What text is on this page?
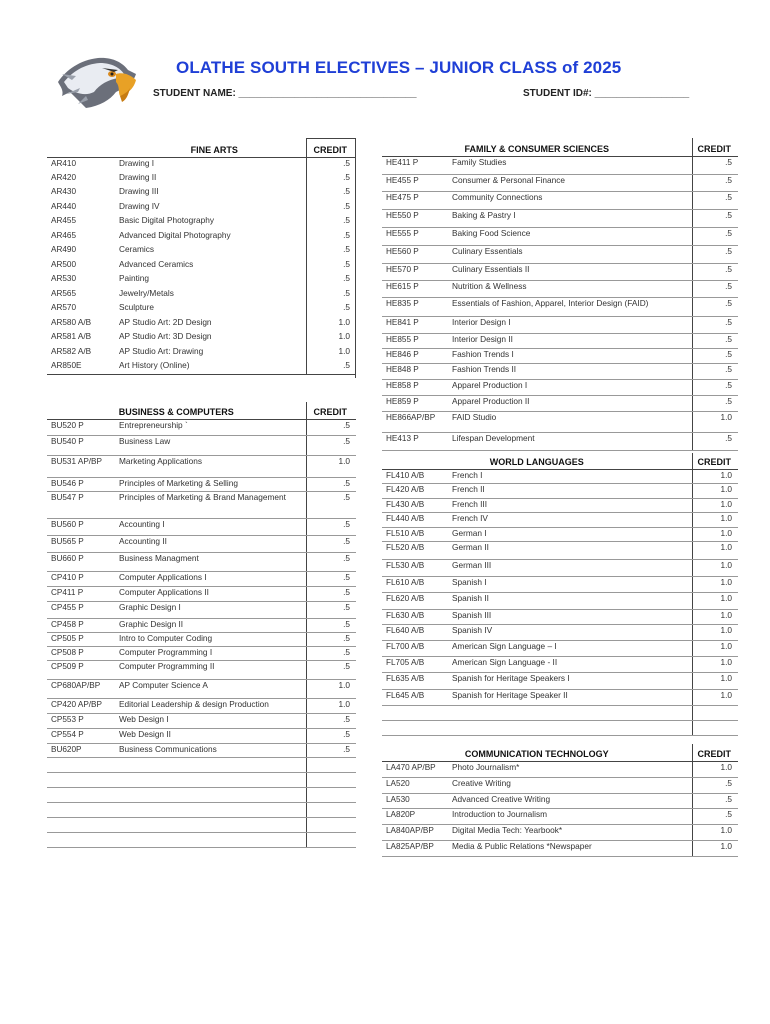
OLATHE SOUTH ELECTIVES – JUNIOR CLASS of 2025
STUDENT NAME: ________________________________	STUDENT ID#: _________________
FINE ARTS		CREDIT
AR410	Drawing I	.5
AR420	Drawing II	.5
AR430	Drawing III	.5
AR440	Drawing IV	.5
AR455	Basic Digital Photography	.5
AR465	Advanced Digital Photography	.5
AR490	Ceramics	.5
AR500	Advanced Ceramics	.5
AR530	Painting	.5
AR565	Jewelry/Metals	.5
AR570	Sculpture	.5
AR580 A/B	AP Studio Art: 2D Design	1.0
AR581 A/B	AP Studio Art: 3D Design	1.0
AR582 A/B	AP Studio Art: Drawing	1.0
AR850E	Art History (Online)	.5
BUSINESS & COMPUTERS		CREDIT
BU520 P	Entrepreneurship `	.5
BU540 P	Business Law	.5
BU531 AP/BP	Marketing Applications	1.0
BU546 P	Principles of Marketing & Selling	.5
BU547 P	Principles of Marketing & Brand Management	.5
BU560 P	Accounting I	.5
BU565 P	Accounting II	.5
BU660 P	Business Managment	.5
CP410 P	Computer Applications I	.5
CP411 P	Computer Applications II	.5
CP455 P	Graphic Design I	.5
CP458 P	Graphic Design II	.5
CP505 P	Intro to Computer Coding	.5
CP508 P	Computer Programming I	.5
CP509 P	Computer Programming II	.5
CP680AP/BP	AP Computer Science A	1.0
CP420 AP/BP	Editorial Leadership & design Production	1.0
CP553 P	Web Design I	.5
CP554 P	Web Design II	.5
BU620P	Business Communications	.5

FAMILY & CONSUMER SCIENCES		CREDIT
HE411 P	Family Studies	.5
HE455 P	Consumer & Personal Finance	.5
HE475 P	Community Connections	.5
HE550 P	Baking & Pastry I	.5
HE555 P	Baking Food Science	.5
HE560 P	Culinary Essentials	.5
HE570 P	Culinary Essentials II	.5
HE615 P	Nutrition & Wellness	.5
HE835 P	Essentials of Fashion, Apparel, Interior Design (FAID)	.5
HE841 P	Interior Design I	.5
HE855 P	Interior Design II	.5
HE846 P	Fashion Trends I	.5
HE848 P	Fashion Trends II	.5
HE858 P	Apparel Production I	.5
HE859 P	Apparel Production II	.5
HE866AP/BP	FAID Studio	1.0
HE413 P	Lifespan Development	.5
WORLD LANGUAGES		CREDIT
FL410 A/B	French I	1.0
FL420 A/B	French II	1.0
FL430 A/B	French III	1.0
FL440 A/B	French IV	1.0
FL510 A/B	German I	1.0
FL520 A/B	German II	1.0
FL530 A/B	German III	1.0
FL610 A/B	Spanish I	1.0
FL620 A/B	Spanish II	1.0
FL630 A/B	Spanish III	1.0
FL640 A/B	Spanish IV	1.0
FL700 A/B	American Sign Language – I	1.0
FL705 A/B	American Sign Language - II	1.0
FL635 A/B	Spanish for Heritage Speakers I	1.0
FL645 A/B	Spanish for Heritage Speaker II	1.0

COMMUNICATION TECHNOLOGY		CREDIT
LA470 AP/BP	Photo Journalism*	1.0
LA520	Creative Writing	.5
LA530	Advanced Creative Writing	.5
LA820P	Introduction to Journalism	.5
LA840AP/BP	Digital Media Tech: Yearbook*	1.0
LA825AP/BP	Media & Public Relations *Newspaper	1.0
